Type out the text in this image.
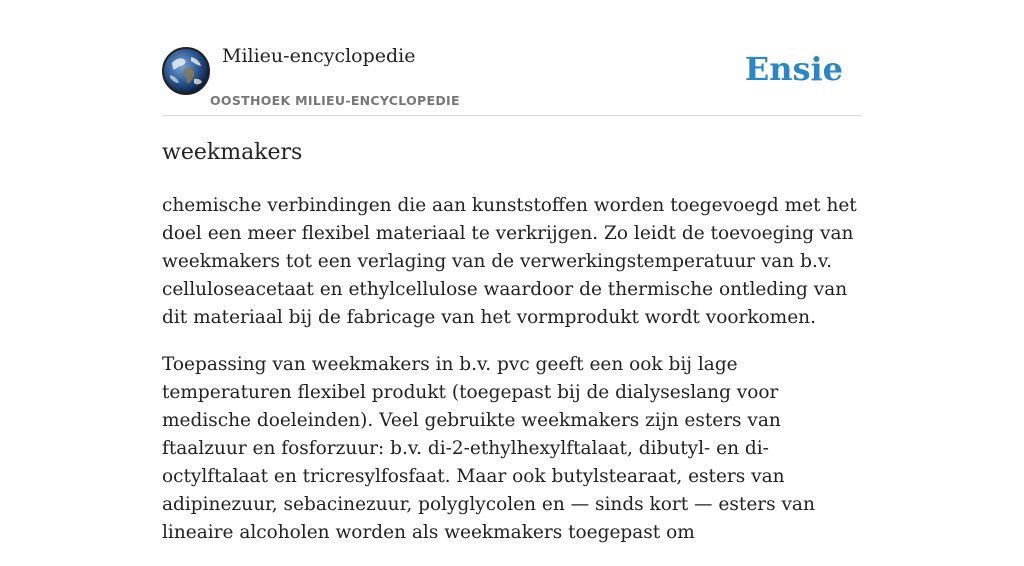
Milieu-encyclopedie
OOSTHOEK MILIEU-ENCYCLOPEDIE
Ensie
weekmakers

chemische verbindingen die aan kunststoffen worden toegevoegd met het doel een meer flexibel materiaal te verkrijgen. Zo leidt de toevoeging van weekmakers tot een verlaging van de verwerkingstemperatuur van b.v. celluloseacetaat en ethylcellulose waardoor de thermische ontleding van dit materiaal bij de fabricage van het vormprodukt wordt voorkomen.

Toepassing van weekmakers in b.v. pvc geeft een ook bij lage temperaturen flexibel produkt (toegepast bij de dialyseslang voor medische doeleinden). Veel gebruikte weekmakers zijn esters van ftaalzuur en fosforzuur: b.v. di-2-ethylhexylftalaat, dibutyl- en di-octylftalaat en tricresylfosfaat. Maar ook butylstearaat, esters van adipinezuur, sebacinezuur, polyglycolen en — sinds kort — esters van lineaire alcoholen worden als weekmakers toegepast om
